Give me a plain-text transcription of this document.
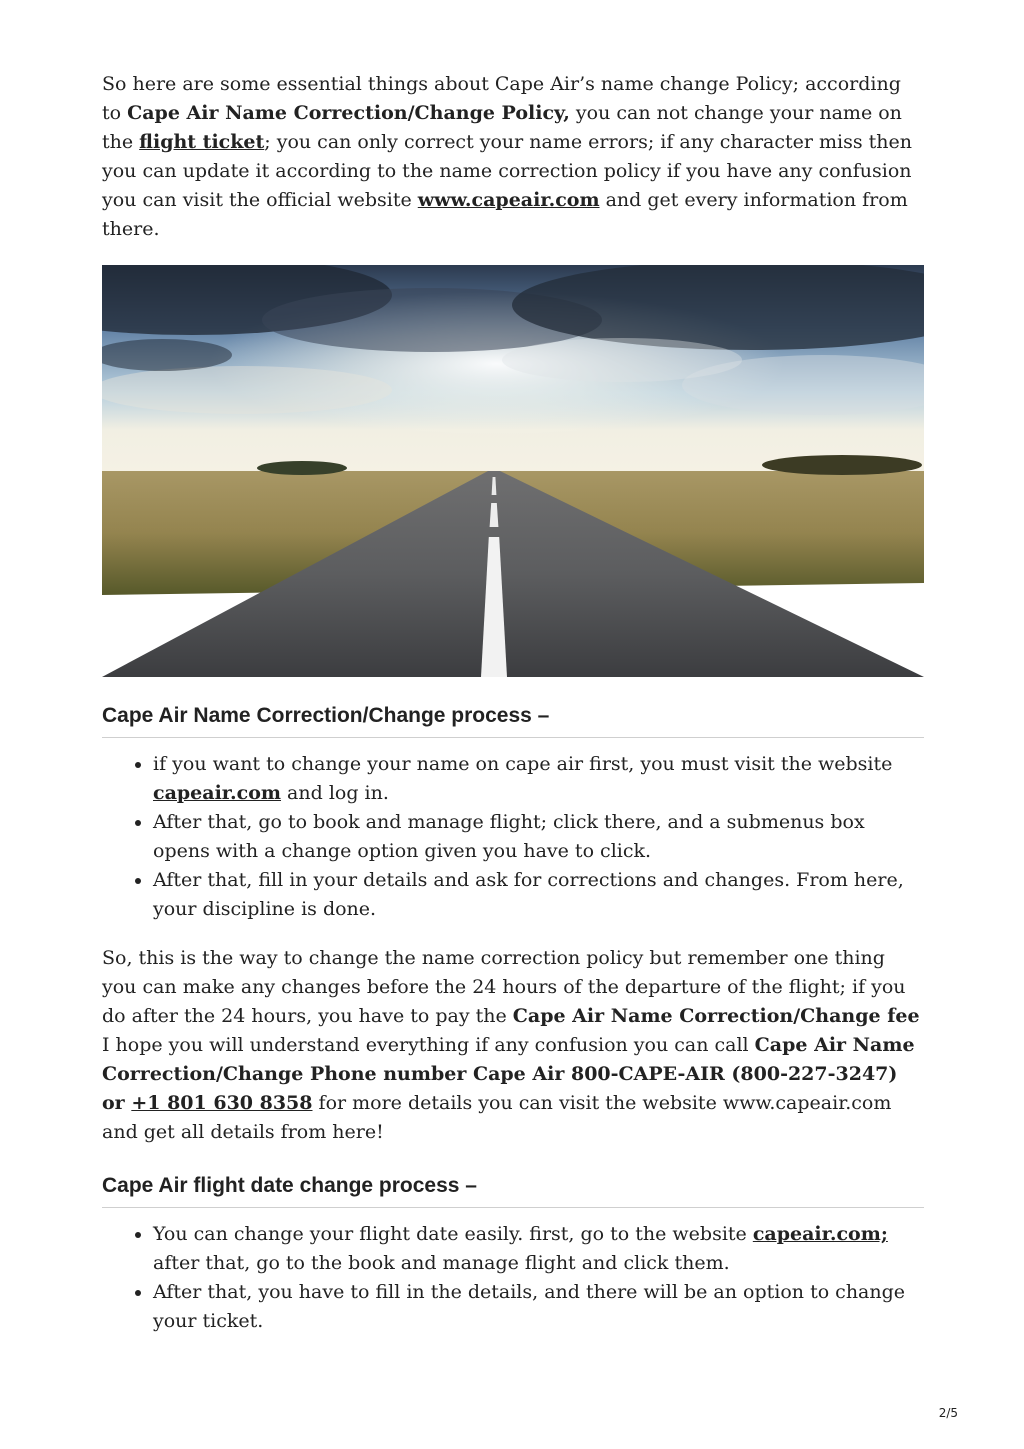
So here are some essential things about Cape Air’s name change Policy; according to Cape Air Name Correction/Change Policy, you can not change your name on the flight ticket; you can only correct your name errors; if any character miss then you can update it according to the name correction policy if you have any confusion you can visit the official website www.capeair.com and get every information from there.

Cape Air Name Correction/Change process –
• if you want to change your name on cape air first, you must visit the website capeair.com and log in.
• After that, go to book and manage flight; click there, and a submenus box opens with a change option given you have to click.
• After that, fill in your details and ask for corrections and changes. From here, your discipline is done.

So, this is the way to change the name correction policy but remember one thing you can make any changes before the 24 hours of the departure of the flight; if you do after the 24 hours, you have to pay the Cape Air Name Correction/Change fee I hope you will understand everything if any confusion you can call Cape Air Name Correction/Change Phone number Cape Air 800-CAPE-AIR (800-227-3247) or +1 801 630 8358 for more details you can visit the website www.capeair.com and get all details from here!

Cape Air flight date change process –
• You can change your flight date easily. first, go to the website capeair.com; after that, go to the book and manage flight and click them.
• After that, you have to fill in the details, and there will be an option to change your ticket.
2/5
